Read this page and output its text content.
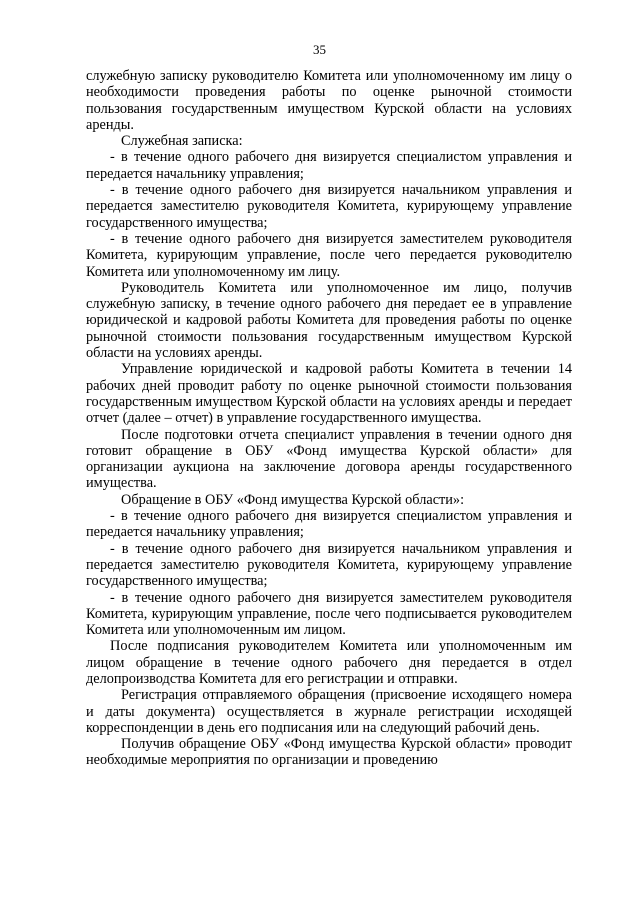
35

служебную записку руководителю Комитета или уполномоченному им лицу о необходимости проведения работы по оценке рыночной стоимости пользования государственным имуществом Курской области на условиях аренды.

Служебная записка:

- в течение одного рабочего дня визируется специалистом управления и передается начальнику управления;

- в течение одного рабочего дня визируется начальником управления и передается заместителю руководителя Комитета, курирующему управление государственного имущества;

- в течение одного рабочего дня визируется заместителем руководителя Комитета, курирующим управление, после чего передается руководителю Комитета или уполномоченному им лицу.

Руководитель Комитета или уполномоченное им лицо, получив служебную записку, в течение одного рабочего дня передает ее в управление юридической и кадровой работы Комитета для проведения работы по оценке рыночной стоимости пользования государственным имуществом Курской области на условиях аренды.

Управление юридической и кадровой работы Комитета в течении 14 рабочих дней проводит работу по оценке рыночной стоимости пользования государственным имуществом Курской области на условиях аренды и передает отчет (далее – отчет) в управление государственного имущества.

После подготовки отчета специалист управления в течении одного дня готовит обращение в ОБУ «Фонд имущества Курской области» для организации аукциона на заключение договора аренды государственного имущества.

Обращение в ОБУ «Фонд имущества Курской области»:

- в течение одного рабочего дня визируется специалистом управления и передается начальнику управления;

- в течение одного рабочего дня визируется начальником управления и передается заместителю руководителя Комитета, курирующему управление государственного имущества;

- в течение одного рабочего дня визируется заместителем руководителя Комитета, курирующим управление, после чего подписывается руководителем Комитета или уполномоченным им лицом.

После подписания руководителем Комитета или уполномоченным им лицом обращение в течение одного рабочего дня передается в отдел делопроизводства Комитета для его регистрации и отправки.

Регистрация отправляемого обращения (присвоение исходящего номера и даты документа) осуществляется в журнале регистрации исходящей корреспонденции в день его подписания или на следующий рабочий день.

Получив обращение ОБУ «Фонд имущества Курской области» проводит необходимые мероприятия по организации и проведению
